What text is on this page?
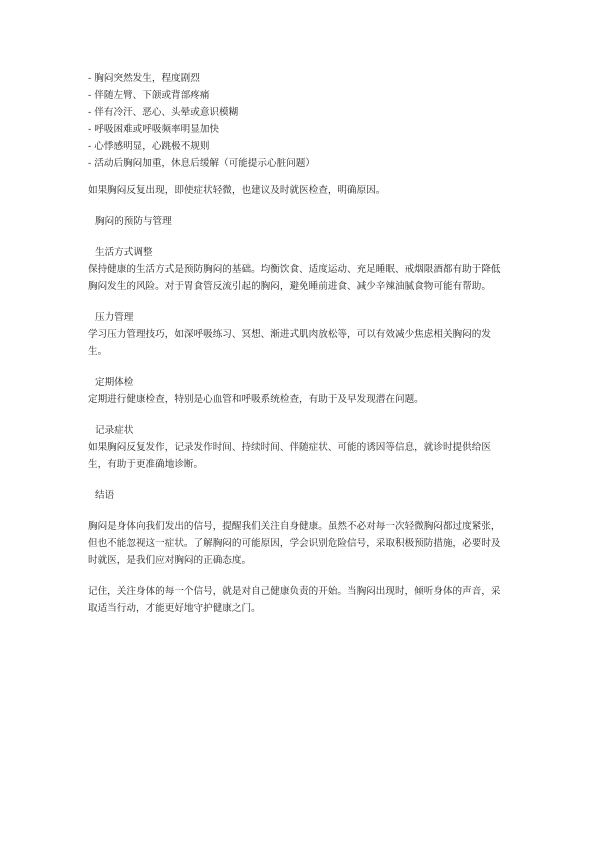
- 胸闷突然发生，程度剧烈
- 伴随左臂、下颌或背部疼痛
- 伴有冷汗、恶心、头晕或意识模糊
- 呼吸困难或呼吸频率明显加快
- 心悸感明显，心跳极不规则
- 活动后胸闷加重，休息后缓解（可能提示心脏问题）

如果胸闷反复出现，即使症状轻微，也建议及时就医检查，明确原因。

胸闷的预防与管理
生活方式调整

保持健康的生活方式是预防胸闷的基础。均衡饮食、适度运动、充足睡眠、戒烟限酒都有助于降低胸闷发生的风险。对于胃食管反流引起的胸闷，避免睡前进食、减少辛辣油腻食物可能有帮助。

压力管理

学习压力管理技巧，如深呼吸练习、冥想、渐进式肌肉放松等，可以有效减少焦虑相关胸闷的发生。

定期体检

定期进行健康检查，特别是心血管和呼吸系统检查，有助于及早发现潜在问题。

记录症状

如果胸闷反复发作，记录发作时间、持续时间、伴随症状、可能的诱因等信息，就诊时提供给医生，有助于更准确地诊断。

结语

胸闷是身体向我们发出的信号，提醒我们关注自身健康。虽然不必对每一次轻微胸闷都过度紧张，但也不能忽视这一症状。了解胸闷的可能原因，学会识别危险信号，采取积极预防措施，必要时及时就医，是我们应对胸闷的正确态度。

记住，关注身体的每一个信号，就是对自己健康负责的开始。当胸闷出现时，倾听身体的声音，采取适当行动，才能更好地守护健康之门。
